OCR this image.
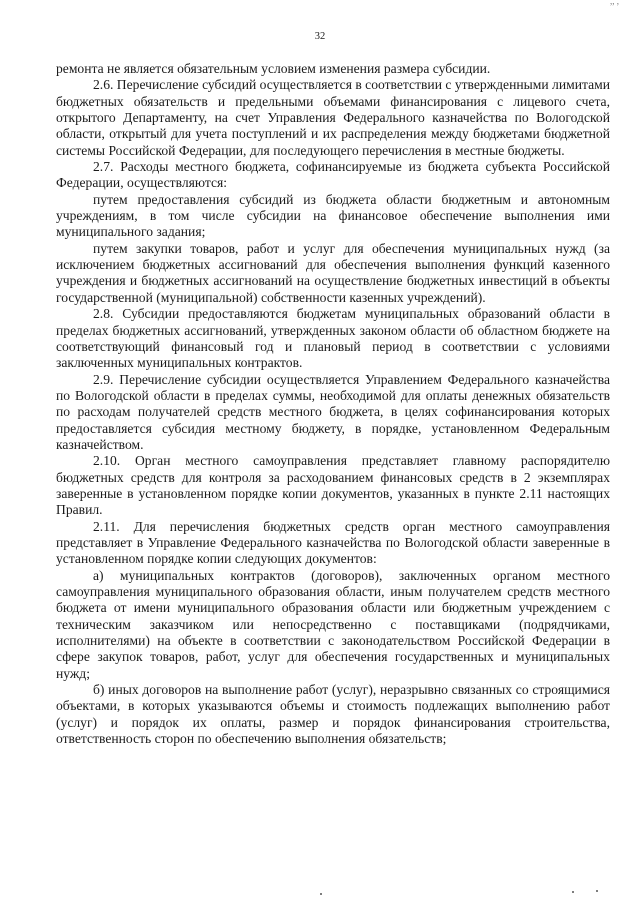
,, ,
32

ремонта не является обязательным условием изменения размера субсидии.

2.6. Перечисление субсидий осуществляется в соответствии с утвержденными лимитами бюджетных обязательств и предельными объемами финансирования с лицевого счета, открытого Департаменту, на счет Управления Федерального казначейства по Вологодской области, открытый для учета поступлений и их распределения между бюджетами бюджетной системы Российской Федерации, для последующего перечисления в местные бюджеты.

2.7. Расходы местного бюджета, софинансируемые из бюджета субъекта Российской Федерации, осуществляются:

путем предоставления субсидий из бюджета области бюджетным и автономным учреждениям, в том числе субсидии на финансовое обеспечение выполнения ими муниципального задания;

путем закупки товаров, работ и услуг для обеспечения муниципальных нужд (за исключением бюджетных ассигнований для обеспечения выполнения функций казенного учреждения и бюджетных ассигнований на осуществление бюджетных инвестиций в объекты государственной (муниципальной) собственности казенных учреждений).

2.8. Субсидии предоставляются бюджетам муниципальных образований области в пределах бюджетных ассигнований, утвержденных законом области об областном бюджете на соответствующий финансовый год и плановый период в соответствии с условиями заключенных муниципальных контрактов.

2.9. Перечисление субсидии осуществляется Управлением Федерального казначейства по Вологодской области в пределах суммы, необходимой для оплаты денежных обязательств по расходам получателей средств местного бюджета, в целях софинансирования которых предоставляется субсидия местному бюджету, в порядке, установленном Федеральным казначейством.

2.10. Орган местного самоуправления представляет главному распорядителю бюджетных средств для контроля за расходованием финансовых средств в 2 экземплярах заверенные в установленном порядке копии документов, указанных в пункте 2.11 настоящих Правил.

2.11. Для перечисления бюджетных средств орган местного самоуправления представляет в Управление Федерального казначейства по Вологодской области заверенные в установленном порядке копии следующих документов:

а) муниципальных контрактов (договоров), заключенных органом местного самоуправления муниципального образования области, иным получателем средств местного бюджета от имени муниципального образования области или бюджетным учреждением с техническим заказчиком или непосредственно с поставщиками (подрядчиками, исполнителями) на объекте в соответствии с законодательством Российской Федерации в сфере закупок товаров, работ, услуг для обеспечения государственных и муниципальных нужд;

б) иных договоров на выполнение работ (услуг), неразрывно связанных со строящимися объектами, в которых указываются объемы и стоимость подлежащих выполнению работ (услуг) и порядок их оплаты, размер и порядок финансирования строительства, ответственность сторон по обеспечению выполнения обязательств;
